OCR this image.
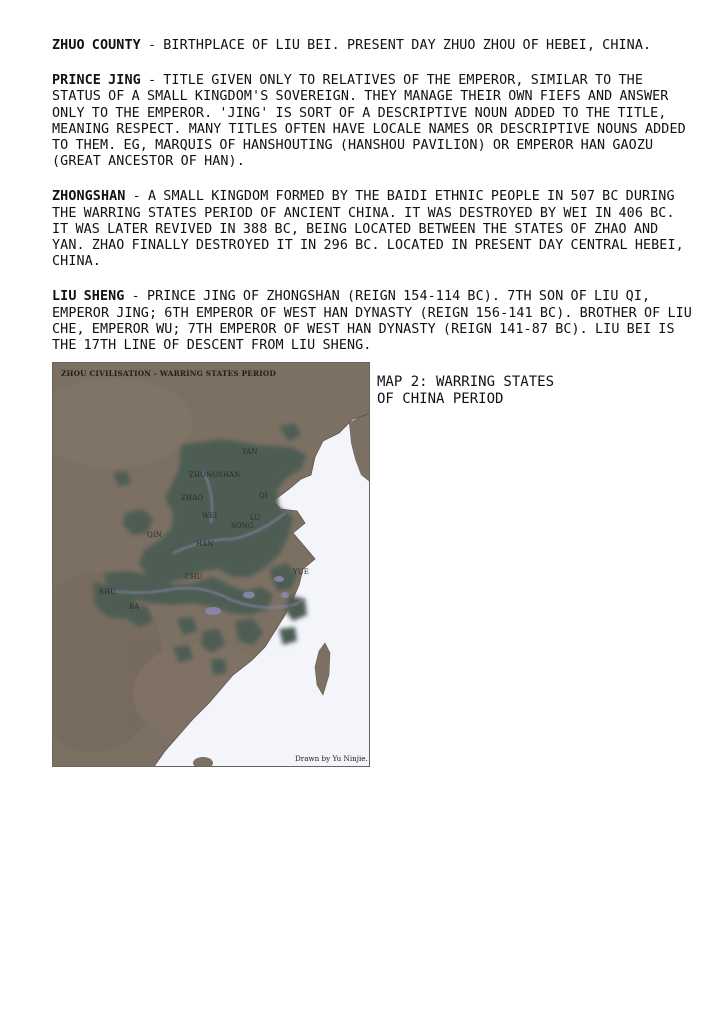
ZHUO COUNTY - BIRTHPLACE OF LIU BEI. PRESENT DAY ZHUO ZHOU OF HEBEI, CHINA.

PRINCE JING - TITLE GIVEN ONLY TO RELATIVES OF THE EMPEROR, SIMILAR TO THE STATUS OF A SMALL KINGDOM'S SOVEREIGN. THEY MANAGE THEIR OWN FIEFS AND ANSWER ONLY TO THE EMPEROR. 'JING' IS SORT OF A DESCRIPTIVE NOUN ADDED TO THE TITLE, MEANING RESPECT. MANY TITLES OFTEN HAVE LOCALE NAMES OR DESCRIPTIVE NOUNS ADDED TO THEM. EG, MARQUIS OF HANSHOUTING (HANSHOU PAVILION) OR EMPEROR HAN GAOZU (GREAT ANCESTOR OF HAN).

ZHONGSHAN - A SMALL KINGDOM FORMED BY THE BAIDI ETHNIC PEOPLE IN 507 BC DURING THE WARRING STATES PERIOD OF ANCIENT CHINA. IT WAS DESTROYED BY WEI IN 406 BC. IT WAS LATER REVIVED IN 388 BC, BEING LOCATED BETWEEN THE STATES OF ZHAO AND YAN. ZHAO FINALLY DESTROYED IT IN 296 BC. LOCATED IN PRESENT DAY CENTRAL HEBEI, CHINA.

LIU SHENG - PRINCE JING OF ZHONGSHAN (REIGN 154-114 BC). 7TH SON OF LIU QI, EMPEROR JING; 6TH EMPEROR OF WEST HAN DYNASTY (REIGN 156-141 BC). BROTHER OF LIU CHE, EMPEROR WU; 7TH EMPEROR OF WEST HAN DYNASTY (REIGN 141-87 BC). LIU BEI IS THE 17TH LINE OF DESCENT FROM LIU SHENG.

ZHOU CIVILISATION - WARRING STATES PERIOD
YAN
ZHONGSHAN
ZHAO	QI
WEI	LU
SONG
QIN
HAN
CHU
YUE
SHU
BA
Drawn by Yu Ninjie.
MAP 2: WARRING STATES
OF CHINA PERIOD
